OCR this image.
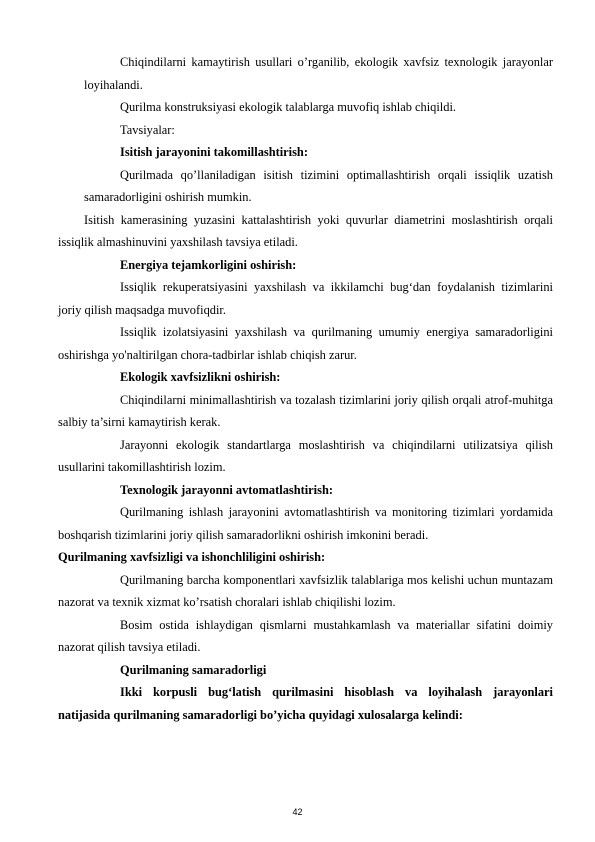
Chiqindilarni kamaytirish usullari o’rganilib, ekologik xavfsiz texnologik jarayonlar loyihalandi.

Qurilma konstruksiyasi ekologik talablarga muvofiq ishlab chiqildi.

Tavsiyalar:

Isitish jarayonini takomillashtirish:

Qurilmada qo’llaniladigan isitish tizimini optimallashtirish orqali issiqlik uzatish samaradorligini oshirish mumkin.

Isitish kamerasining yuzasini kattalashtirish yoki quvurlar diametrini moslashtirish orqali issiqlik almashinuvini yaxshilash tavsiya etiladi.

Energiya tejamkorligini oshirish:

Issiqlik rekuperatsiyasini yaxshilash va ikkilamchi bug‘dan foydalanish tizimlarini joriy qilish maqsadga muvofiqdir.

Issiqlik izolatsiyasini yaxshilash va qurilmaning umumiy energiya samaradorligini oshirishga yo'naltirilgan chora-tadbirlar ishlab chiqish zarur.

Ekologik xavfsizlikni oshirish:

Chiqindilarni minimallashtirish va tozalash tizimlarini joriy qilish orqali atrof-muhitga salbiy ta’sirni kamaytirish kerak.

Jarayonni ekologik standartlarga moslashtirish va chiqindilarni utilizatsiya qilish usullarini takomillashtirish lozim.

Texnologik jarayonni avtomatlashtirish:

Qurilmaning ishlash jarayonini avtomatlashtirish va monitoring tizimlari yordamida boshqarish tizimlarini joriy qilish samaradorlikni oshirish imkonini beradi.

Qurilmaning xavfsizligi va ishonchliligini oshirish:

Qurilmaning barcha komponentlari xavfsizlik talablariga mos kelishi uchun muntazam nazorat va texnik xizmat ko’rsatish choralari ishlab chiqilishi lozim.

Bosim ostida ishlaydigan qismlarni mustahkamlash va materiallar sifatini doimiy nazorat qilish tavsiya etiladi.

Qurilmaning samaradorligi

Ikki korpusli bug‘latish qurilmasini hisoblash va loyihalash jarayonlari natijasida qurilmaning samaradorligi bo’yicha quyidagi xulosalarga kelindi:

42
